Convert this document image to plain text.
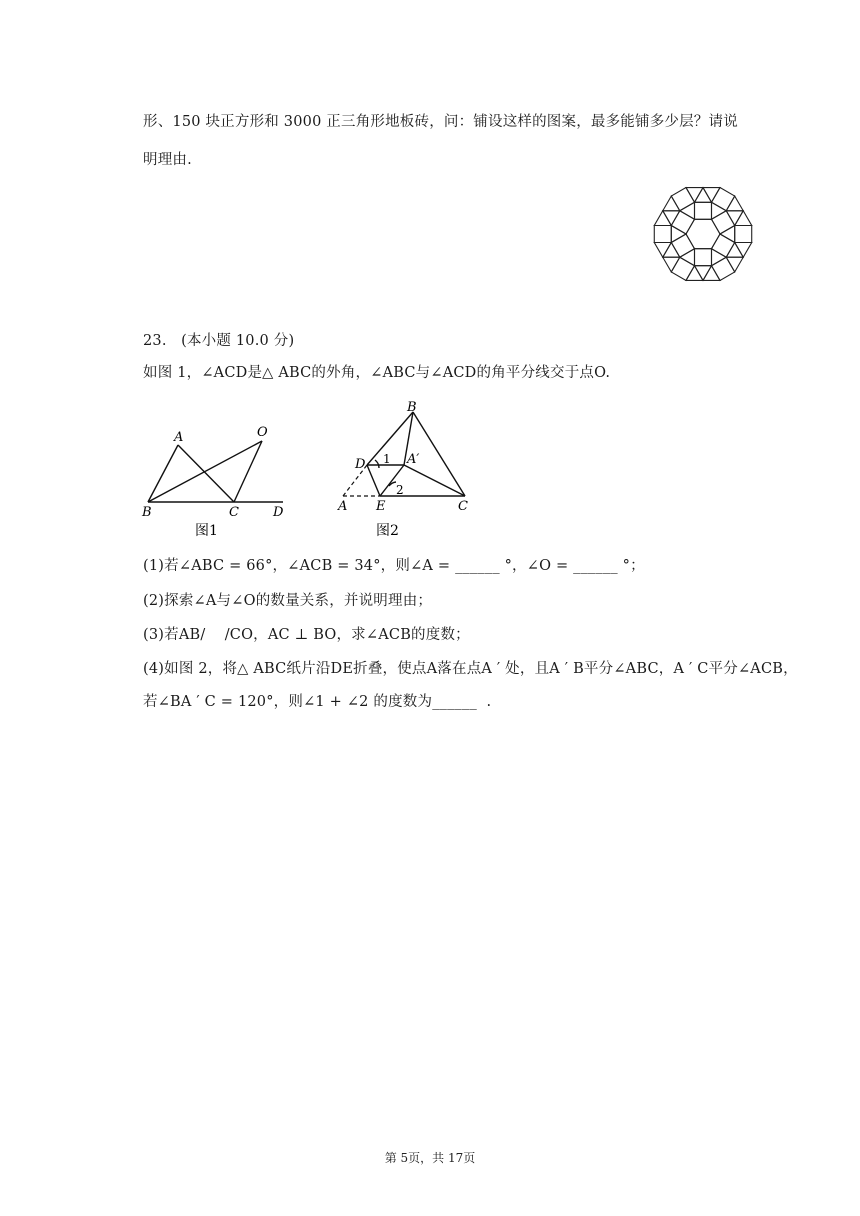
形、150 块正方形和 3000 正三角形地板砖，问：铺设这样的图案，最多能铺多少层？请说
明理由.
23.   (本小题 10.0 分)
如图 1，∠ACD是△ ABC的外角，∠ABC与∠ACD的角平分线交于点O.
A	O
B	C	D
图1
B
D 1 A′
2
A E	C
图2
(1)若∠ABC = 66°，∠ACB = 34°，则∠A = ______ °，∠O = ______ °；
(2)探索∠A与∠O的数量关系，并说明理由；
(3)若AB/    /CO，AC ⊥ BO，求∠ACB的度数；
(4)如图 2，将△ ABC纸片沿DE折叠，使点A落在点A ′ 处，且A ′ B平分∠ABC，A ′ C平分∠ACB，
若∠BA ′ C = 120°，则∠1 + ∠2 的度数为______  .
第 5页，共 17页
